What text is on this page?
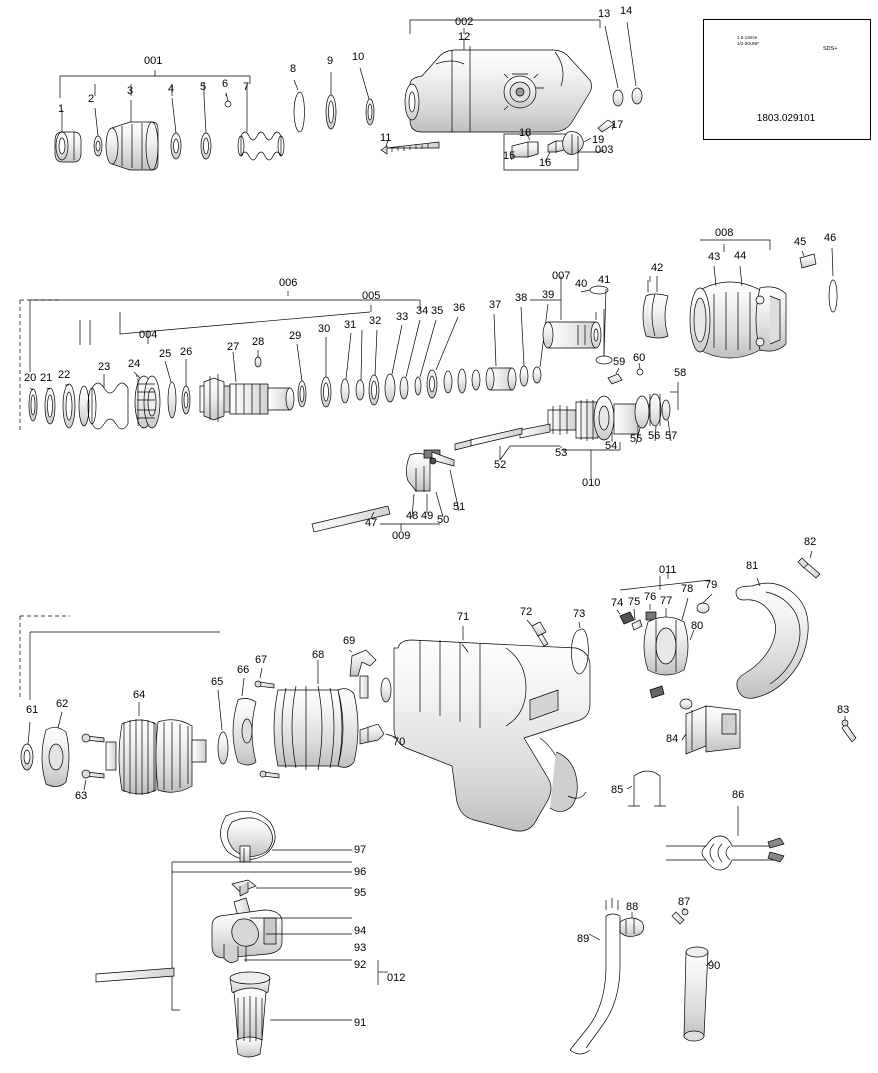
1803.029101
1.5-13mm
1/2-20UNF
SDS+
001
002
003
004
005
006
007
008
009
010
011
012
1
2
3	4 5 6 7
8
9 10
11
12
13 14
15
16
17
18
19
20 21 22
23 24
25 26	27 28 29
30 31 32 33 34 35 36 37
38 39
40 41
42
43 44
45 46
47
48 49 50
51
52
53
54
55 56 57
58
59 60
61 62
63
64
65
66
67	68
69
70
71	72	73
74 75 76 77
78 79
80
81
82
83
84
85	86
87
88
89
90
91
92
93
94
95
96
97
